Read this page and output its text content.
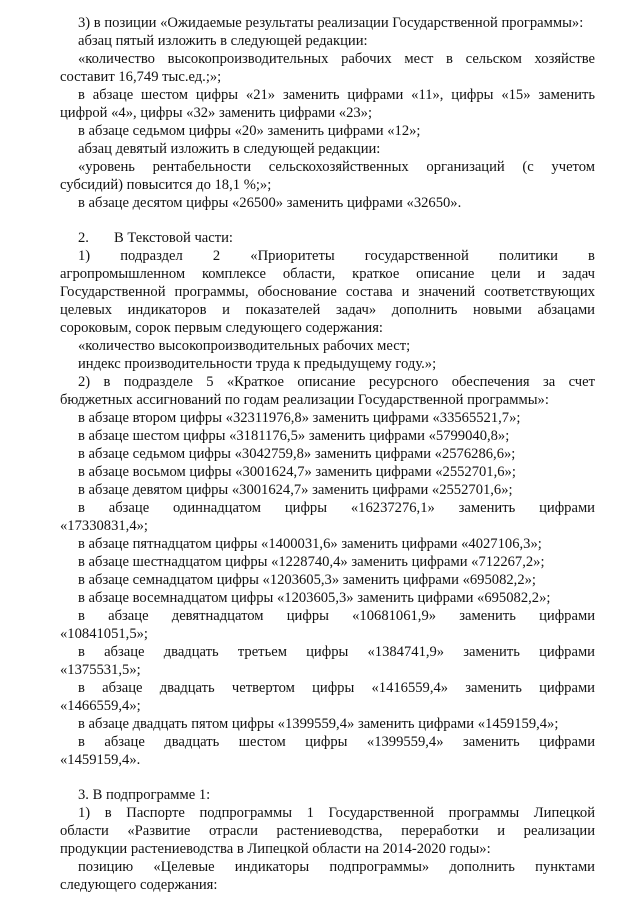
3) в позиции «Ожидаемые результаты реализации Государственной программы»:
абзац пятый изложить в следующей редакции:
«количество высокопроизводительных рабочих мест в сельском хозяйстве
составит 16,749 тыс.ед.;»;
в абзаце шестом цифры «21» заменить цифрами «11», цифры «15» заменить
цифрой «4», цифры «32» заменить цифрами «23»;
в абзаце седьмом цифры «20» заменить цифрами «12»;
абзац девятый изложить в следующей редакции:
«уровень рентабельности сельскохозяйственных организаций (с учетом
субсидий) повысится до 18,1 %;»;
в абзаце десятом цифры «26500» заменить цифрами «32650».
2.	В Текстовой части:
1) подраздел 2 «Приоритеты государственной политики в
агропромышленном комплексе области, краткое описание цели и задач
Государственной программы, обоснование состава и значений соответствующих
целевых индикаторов и показателей задач» дополнить новыми абзацами
сороковым, сорок первым следующего содержания:
«количество высокопроизводительных рабочих мест;
индекс производительности труда к предыдущему году.»;
2) в подразделе 5 «Краткое описание ресурсного обеспечения за счет
бюджетных ассигнований по годам реализации Государственной программы»:
в абзаце втором цифры «32311976,8» заменить цифрами «33565521,7»;
в абзаце шестом цифры «3181176,5» заменить цифрами «5799040,8»;
в абзаце седьмом цифры «3042759,8» заменить цифрами «2576286,6»;
в абзаце восьмом цифры «3001624,7» заменить цифрами «2552701,6»;
в абзаце девятом цифры «3001624,7» заменить цифрами «2552701,6»;
в абзаце одиннадцатом цифры «16237276,1» заменить цифрами
«17330831,4»;
в абзаце пятнадцатом цифры «1400031,6» заменить цифрами «4027106,3»;
в абзаце шестнадцатом цифры «1228740,4» заменить цифрами «712267,2»;
в абзаце семнадцатом цифры «1203605,3» заменить цифрами «695082,2»;
в абзаце восемнадцатом цифры «1203605,3» заменить цифрами «695082,2»;
в абзаце девятнадцатом цифры «10681061,9» заменить цифрами
«10841051,5»;
в абзаце двадцать третьем цифры «1384741,9» заменить цифрами
«1375531,5»;
в абзаце двадцать четвертом цифры «1416559,4» заменить цифрами
«1466559,4»;
в абзаце двадцать пятом цифры «1399559,4» заменить цифрами «1459159,4»;
в абзаце двадцать шестом цифры «1399559,4» заменить цифрами
«1459159,4».
3. В подпрограмме 1:
1) в Паспорте подпрограммы 1 Государственной программы Липецкой
области «Развитие отрасли растениеводства, переработки и реализации
продукции растениеводства в Липецкой области на 2014-2020 годы»:
позицию «Целевые индикаторы подпрограммы» дополнить пунктами
следующего содержания:
